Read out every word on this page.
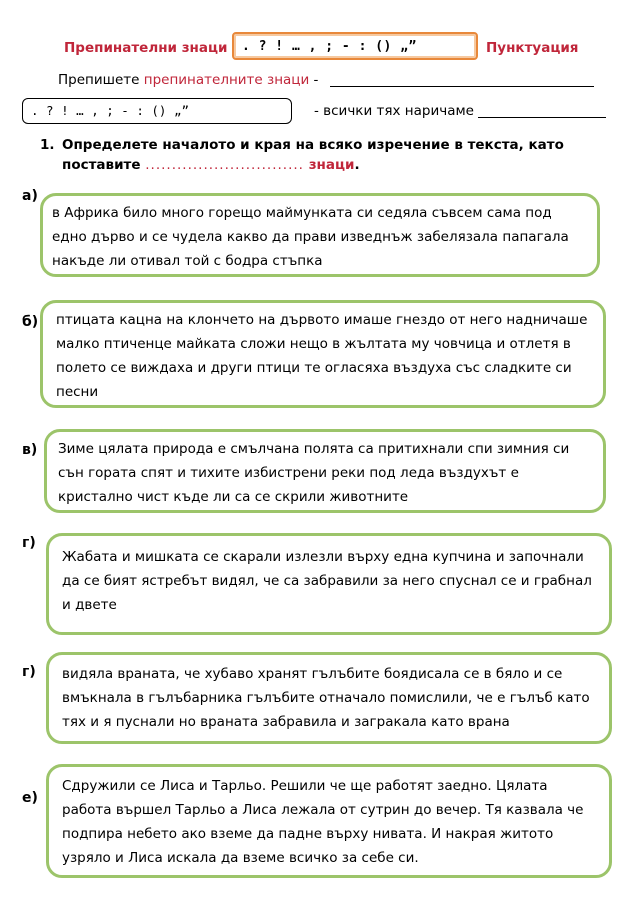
Препинателни знаци . ? ! … , ; - : () „”	Пунктуация
Препишете препинателните знаци -
. ? ! … , ; - : () „”	- всички тях наричаме
1. Определете началото и края на всяко изречение в текста, като поставите .............................. знаци.
а)
в Африка било много горещо маймунката си седяла съвсем сама под
едно дърво и се чудела какво да прави изведнъж забелязала папагала
накъде ли отивал той с бодра стъпка
б) птицата кацна на клончето на дървото имаше гнездо от него надничаше
малко птиченце майката сложи нещо в жълтата му човчица и отлетя в
полето се виждаха и други птици те огласяха въздуха със сладките си
песни
в) Зиме цялата природа е смълчана полята са притихнали спи зимния си
сън гората спят и тихите избистрени реки под леда въздухът е
кристално чист къде ли са се скрили животните
г)
Жабата и мишката се скарали излезли върху една купчина и започнали
да се бият ястребът видял, че са забравили за него спуснал се и грабнал
и двете
г) видяла враната, че хубаво хранят гълъбите боядисала се в бяло и се
вмъкнала в гълъбарника гълъбите отначало помислили, че е гълъб като
тях и я пуснали но враната забравила и загракала като врана
е)
Сдружили се Лиса и Тарльо. Решили че ще работят заедно. Цялата
работа вършел Тарльо а Лиса лежала от сутрин до вечер. Тя казвала че
подпира небето ако вземе да падне върху нивата. И накрая житото
узряло и Лиса искала да вземе всичко за себе си.
